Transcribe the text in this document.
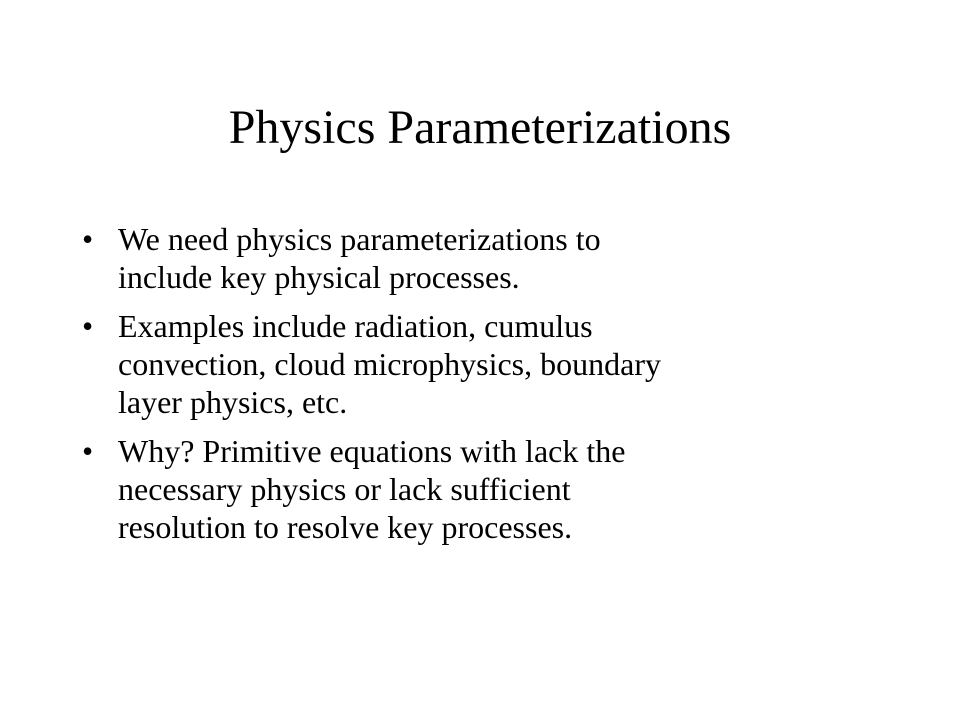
Physics Parameterizations
• We need physics parameterizations to
include key physical processes.
• Examples include radiation, cumulus
convection, cloud microphysics, boundary
layer physics, etc.
• Why? Primitive equations with lack the
necessary physics or lack sufficient
resolution to resolve key processes.
